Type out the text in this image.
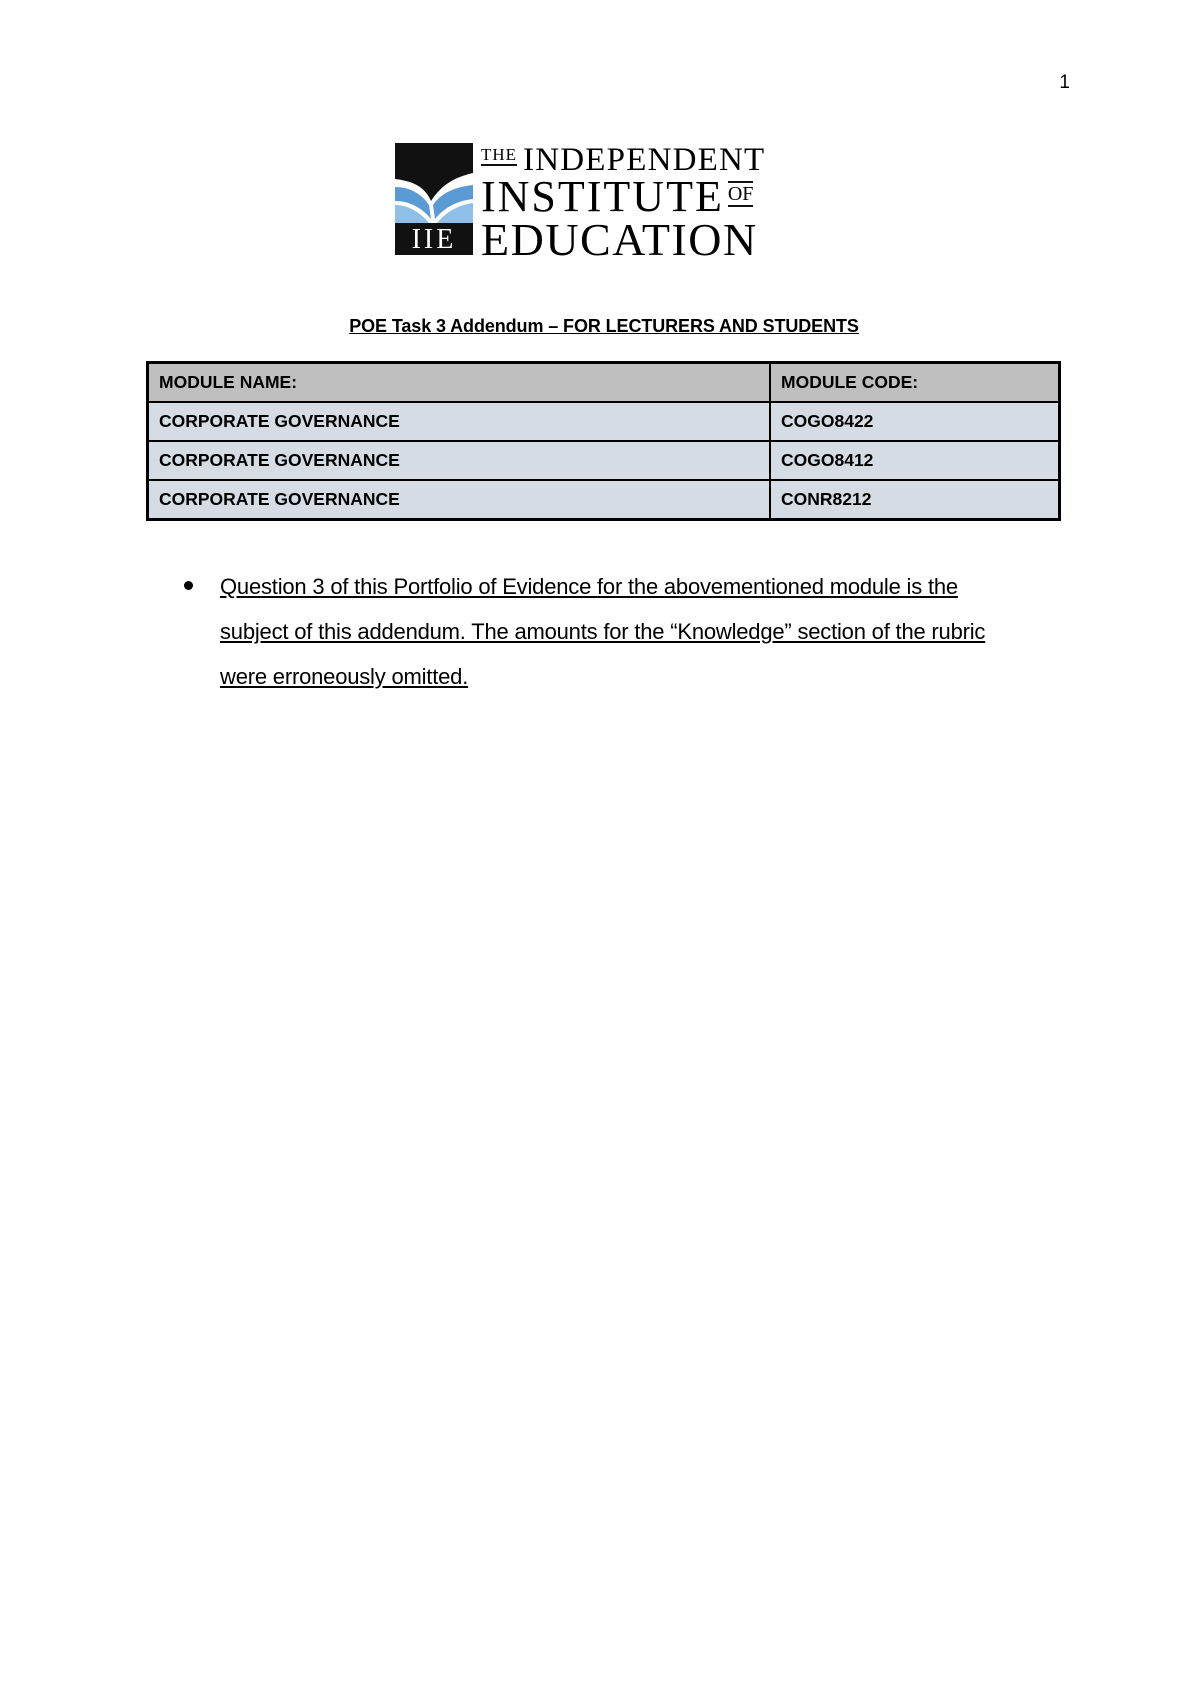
1
IIE
THE INDEPENDENT
INSTITUTE OF
EDUCATION
POE Task 3 Addendum – FOR LECTURERS AND STUDENTS
MODULE NAME:	MODULE CODE:
CORPORATE GOVERNANCE	COGO8422
CORPORATE GOVERNANCE	COGO8412
CORPORATE GOVERNANCE	CONR8212
Question 3 of this Portfolio of Evidence for the abovementioned module is the subject of this addendum. The amounts for the “Knowledge” section of the rubric were erroneously omitted.
